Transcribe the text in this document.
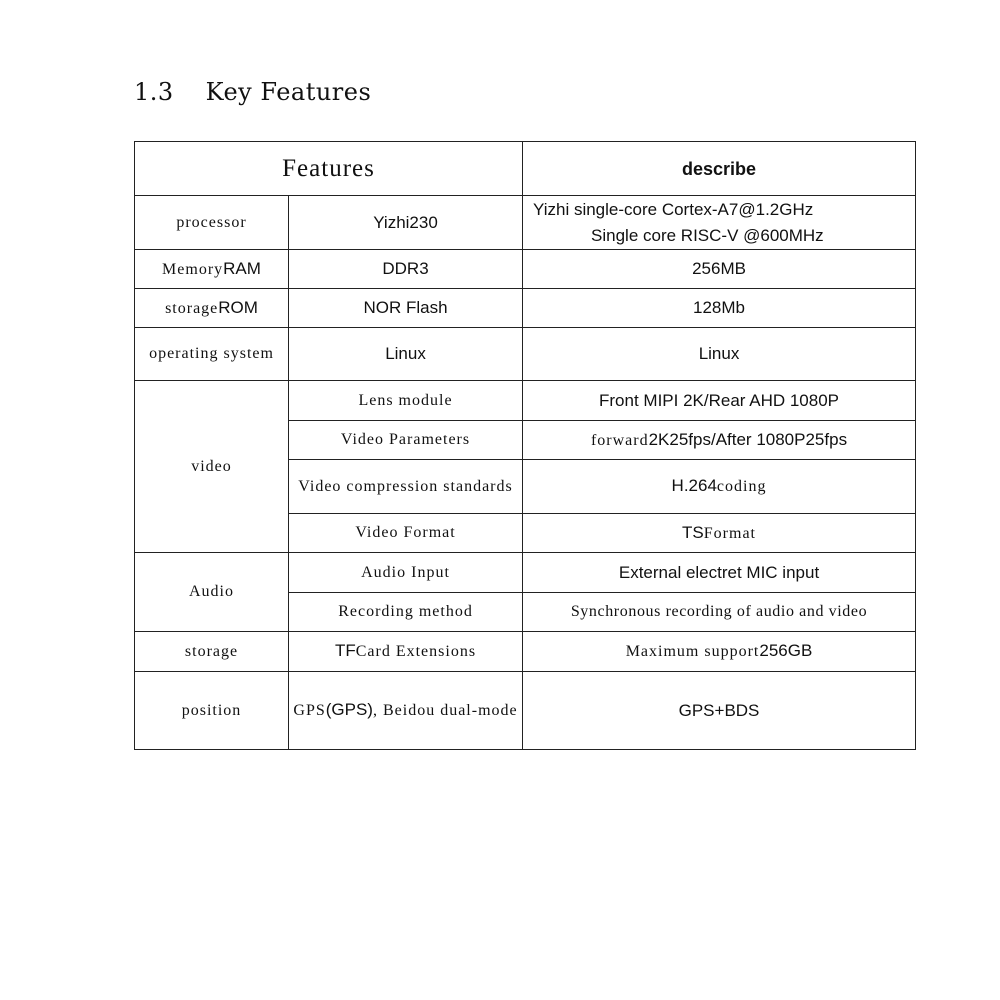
1.3 Key Features
Features		describe
processor	Yizhi230	Yizhi single-core Cortex-A7@1.2GHz
Single core RISC-V @600MHz

MemoryRAM	DDR3	256MB
storageROM	NOR Flash	128Mb
operating system	Linux	Linux
video	Lens module	Front MIPI 2K/Rear AHD 1080P
	Video Parameters	forward2K25fps/After 1080P25fps
	Video compression standards	H.264coding
	Video Format	TSFormat
Audio	Audio Input	External electret MIC input
	Recording method	Synchronous recording of audio and video
storage	TFCard Extensions	Maximum support256GB
position	GPS(GPS), Beidou dual-mode	GPS+BDS
